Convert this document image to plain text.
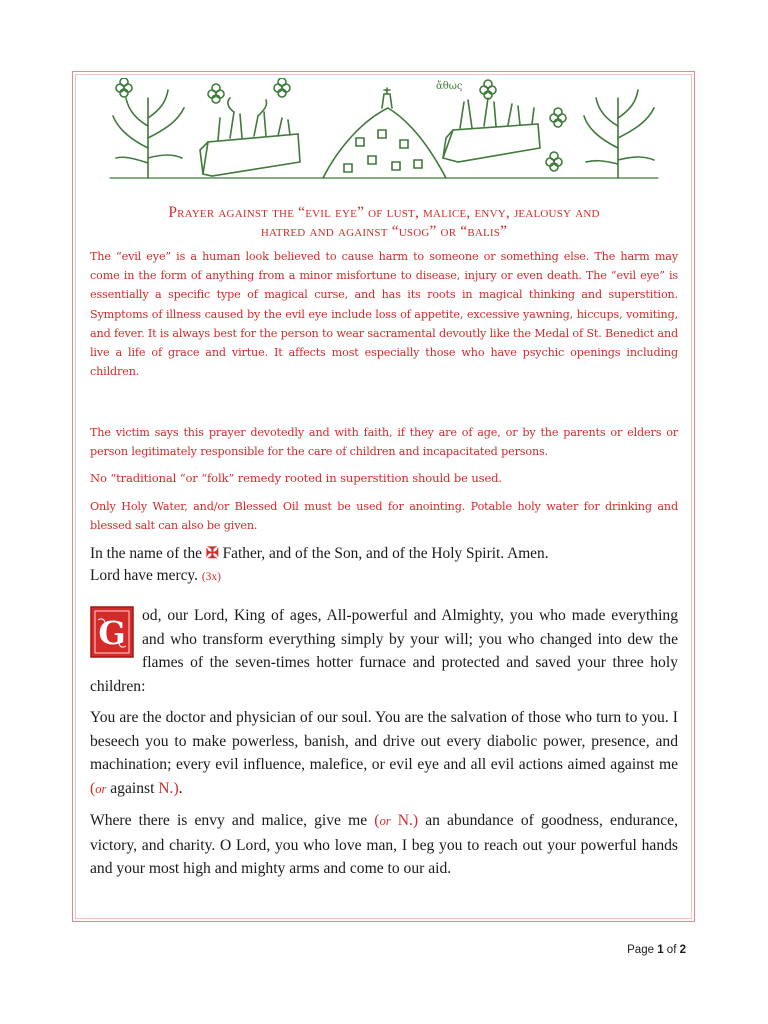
ἄθως
Prayer against the “evil eye” of lust, malice, envy, jealousy and
hatred and against “usog” or “balis”

The “evil eye” is a human look believed to cause harm to someone or something else. The harm may come in the form of anything from a minor misfortune to disease, injury or even death. The “evil eye” is essentially a specific type of magical curse, and has its roots in magical thinking and superstition. Symptoms of illness caused by the evil eye include loss of appetite, excessive yawning, hiccups, vomiting, and fever. It is always best for the person to wear sacramental devoutly like the Medal of St. Benedict and live a life of grace and virtue. It affects most especially those who have psychic openings including children.

The victim says this prayer devotedly and with faith, if they are of age, or by the parents or elders or person legitimately responsible for the care of children and incapacitated persons.

No “traditional “or “folk” remedy rooted in superstition should be used.

Only Holy Water, and/or Blessed Oil must be used for anointing. Potable holy water for drinking and blessed salt can also be given.

In the name of the ✠ Father, and of the Son, and of the Holy Spirit. Amen.
Lord have mercy. (3x)
G	od, our Lord, King of ages, All-powerful and Almighty, you who made everything and who transform everything simply by your will; you who changed into dew the flames of the seven-times hotter furnace and protected and saved your three holy children:

You are the doctor and physician of our soul. You are the salvation of those who turn to you. I beseech you to make powerless, banish, and drive out every diabolic power, presence, and machination; every evil influence, malefice, or evil eye and all evil actions aimed against me (or against N.).

Where there is envy and malice, give me (or N.) an abundance of goodness, endurance, victory, and charity. O Lord, you who love man, I beg you to reach out your powerful hands and your most high and mighty arms and come to our aid.

Page 1 of 2
